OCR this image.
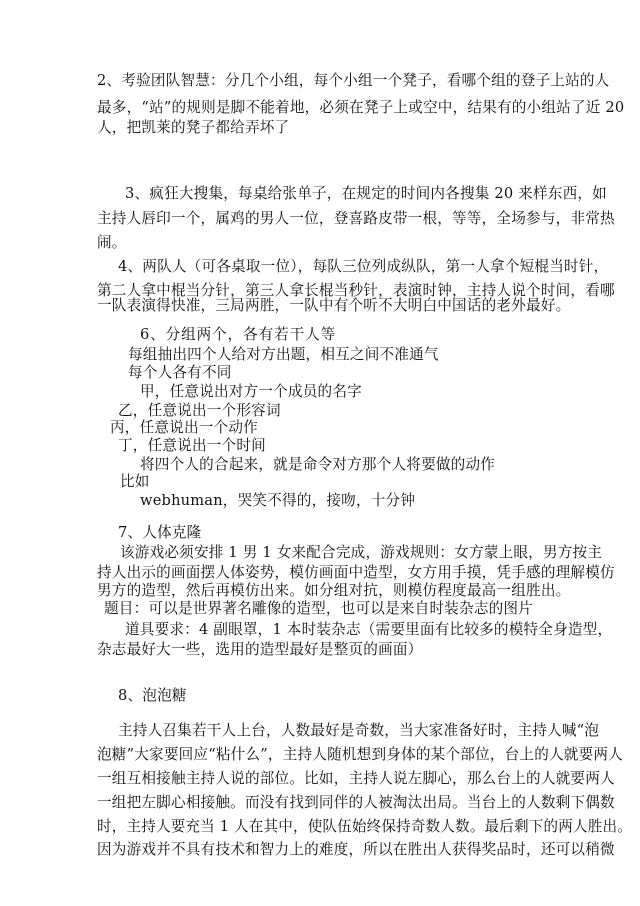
2、考验团队智慧：分几个小组，每个小组一个凳子，看哪个组的登子上站的人
最多，“站”的规则是脚不能着地，必须在凳子上或空中，结果有的小组站了近 20
人，把凯莱的凳子都给弄坏了
3、疯狂大搜集，每桌给张单子，在规定的时间内各搜集 20 来样东西，如
主持人唇印一个，属鸡的男人一位，登喜路皮带一根，等等，全场参与，非常热
闹。
4、两队人（可各桌取一位），每队三位列成纵队，第一人拿个短棍当时针，
第二人拿中棍当分针，第三人拿长棍当秒针，表演时钟，主持人说个时间，看哪
一队表演得快准，三局两胜，一队中有个听不大明白中国话的老外最好。
6、分组两个，各有若干人等
每组抽出四个人给对方出题，相互之间不准通气
每个人各有不同
甲，任意说出对方一个成员的名字
乙，任意说出一个形容词
丙，任意说出一个动作
丁，任意说出一个时间
将四个人的合起来，就是命令对方那个人将要做的动作
比如
webhuman，哭笑不得的，接吻，十分钟
7、人体克隆
该游戏必须安排 1 男 1 女来配合完成，游戏规则：女方蒙上眼，男方按主
持人出示的画面摆人体姿势，模仿画面中造型，女方用手摸，凭手感的理解模仿
男方的造型，然后再模仿出来。如分组对抗，则模仿程度最高一组胜出。
题目：可以是世界著名雕像的造型，也可以是来自时装杂志的图片
道具要求：4 副眼罩，1 本时装杂志（需要里面有比较多的模特全身造型，
杂志最好大一些，选用的造型最好是整页的画面）
8、泡泡糖
主持人召集若干人上台，人数最好是奇数，当大家准备好时，主持人喊“泡
泡糖”大家要回应“粘什么”，主持人随机想到身体的某个部位，台上的人就要两人
一组互相接触主持人说的部位。比如，主持人说左脚心，那么台上的人就要两人
一组把左脚心相接触。而没有找到同伴的人被淘汰出局。当台上的人数剩下偶数
时，主持人要充当 1 人在其中，使队伍始终保持奇数人数。最后剩下的两人胜出。
因为游戏并不具有技术和智力上的难度，所以在胜出人获得奖品时，还可以稍微
